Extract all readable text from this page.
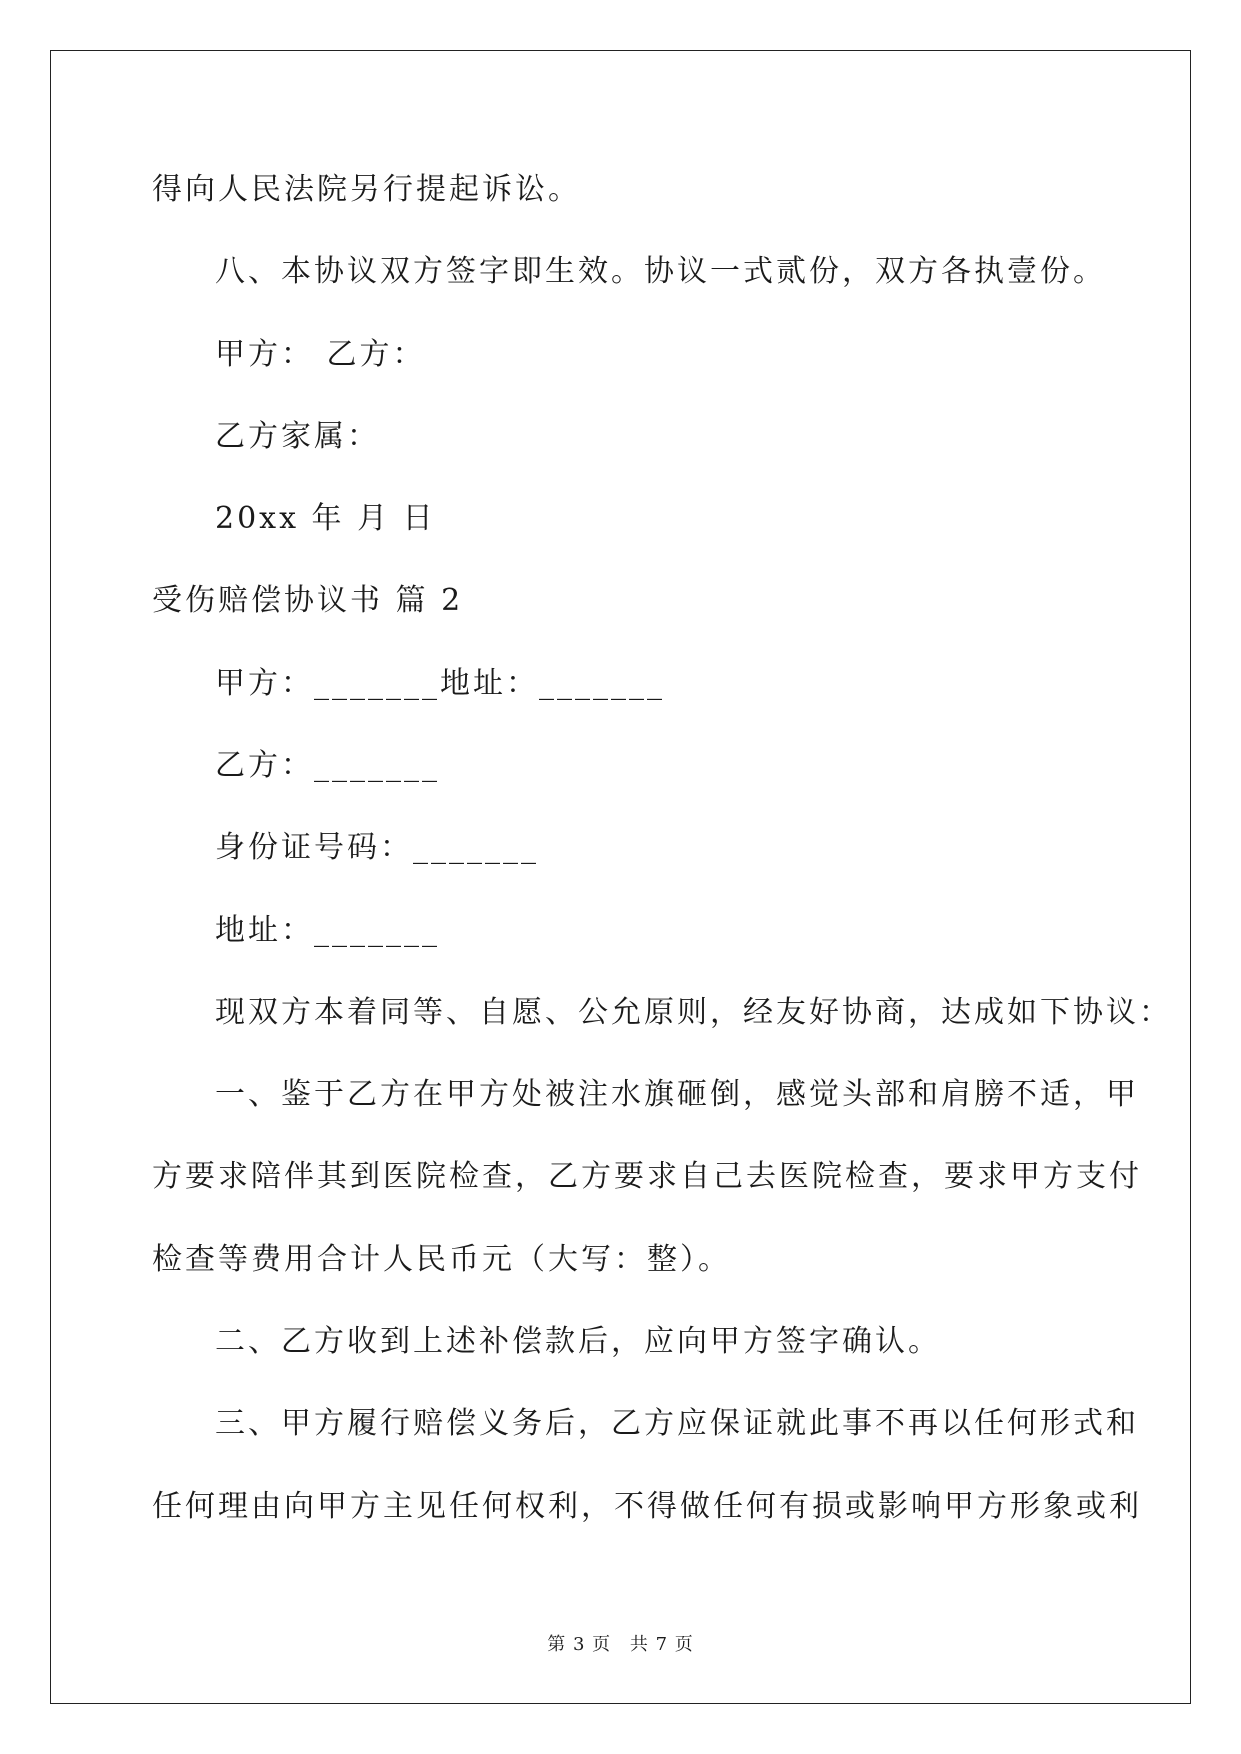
得向人民法院另行提起诉讼。
八、本协议双方签字即生效。协议一式贰份，双方各执壹份。
甲方： 乙方：
乙方家属：
20xx 年 月 日
受伤赔偿协议书 篇 2
甲方：_______地址：_______
乙方：_______
身份证号码：_______
地址：_______
现双方本着同等、自愿、公允原则，经友好协商，达成如下协议：
一、鉴于乙方在甲方处被注水旗砸倒，感觉头部和肩膀不适，甲
方要求陪伴其到医院检查，乙方要求自己去医院检查，要求甲方支付
检查等费用合计人民币元（大写：整）。
二、乙方收到上述补偿款后，应向甲方签字确认。
三、甲方履行赔偿义务后，乙方应保证就此事不再以任何形式和
任何理由向甲方主见任何权利，不得做任何有损或影响甲方形象或利
第 3 页 共 7 页
